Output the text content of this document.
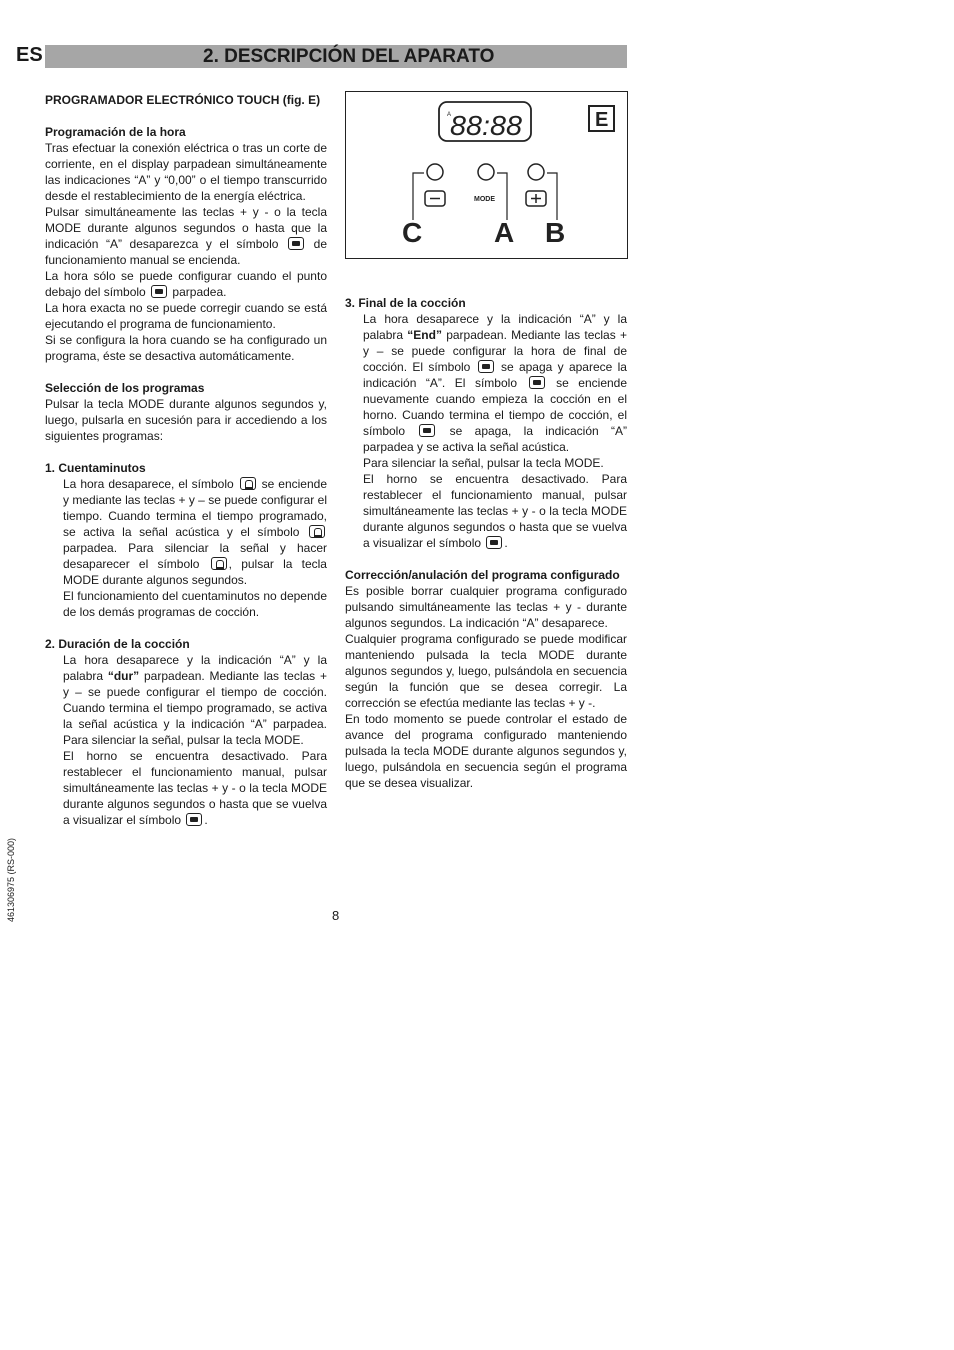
ES	2. DESCRIPCIÓN DEL APARATO

PROGRAMADOR ELECTRÓNICO TOUCH (fig. E)

Programación de la hora

Tras efectuar la conexión eléctrica o tras un corte de corriente, en el display parpadean simultáneamente las indicaciones “A” y “0,00” o el tiempo transcurrido desde el restablecimiento de la energía eléctrica.

Pulsar simultáneamente las teclas + y - o la tecla MODE durante algunos segundos o hasta que la indicación “A” desaparezca y el símbolo	de funcionamiento manual se encienda.

La hora sólo se puede configurar cuando el punto debajo del símbolo parpadea.

La hora exacta no se puede corregir cuando se está ejecutando el programa de funcionamiento.

Si se configura la hora cuando se ha configurado un programa, éste se desactiva automáticamente.

Selección de los programas

Pulsar la tecla MODE durante algunos segundos y, luego, pulsarla en sucesión para ir accediendo a los siguientes programas:

1. Cuentaminutos

La hora desaparece, el símbolo se enciende y mediante las teclas + y – se puede configurar el tiempo. Cuando termina el tiempo programado, se activa la señal acústica y el símbolo  parpadea. Para silenciar la señal y hacer desaparecer el símbolo , pulsar la tecla MODE durante algunos segundos.

El funcionamiento del cuentaminutos no depende de los demás programas de cocción.

2. Duración de la cocción

La hora desaparece y la indicación “A” y la palabra “dur” parpadean. Mediante las teclas + y – se puede configurar el tiempo de cocción. Cuando termina el tiempo programado, se activa la señal acústica y la indicación “A” parpadea. Para silenciar la señal, pulsar la tecla MODE.

El horno se encuentra desactivado. Para restablecer el funcionamiento manual, pulsar simultáneamente las teclas + y - o la tecla MODE durante algunos segundos o hasta que se vuelva a visualizar el símbolo .

A
88:88	E
MODE
C	A B

3. Final de la cocción

La hora desaparece y la indicación “A” y la palabra “End” parpadean. Mediante las teclas + y – se puede configurar la hora de final de cocción. El símbolo	se apaga y aparece la indicación “A”. El símbolo	se enciende nuevamente cuando empieza la cocción en el horno. Cuando termina el tiempo de cocción, el símbolo	se apaga, la indicación “A” parpadea y se activa la señal acústica.

Para silenciar la señal, pulsar la tecla MODE.

El horno se encuentra desactivado. Para restablecer el funcionamiento manual, pulsar simultáneamente las teclas + y - o la tecla MODE durante algunos segundos o hasta que se vuelva a visualizar el símbolo .

Corrección/anulación del programa configurado

Es posible borrar cualquier programa configurado pulsando simultáneamente las teclas + y - durante algunos segundos. La indicación “A” desaparece.

Cualquier programa configurado se puede modificar manteniendo pulsada la tecla MODE durante algunos segundos y, luego, pulsándola en secuencia según la función que se desea corregir. La corrección se efectúa mediante las teclas + y -.

En todo momento se puede controlar el estado de avance del programa configurado manteniendo pulsada la tecla MODE durante algunos segundos y, luego, pulsándola en secuencia según el programa que se desea visualizar.

8
461306975 (RS-000)
